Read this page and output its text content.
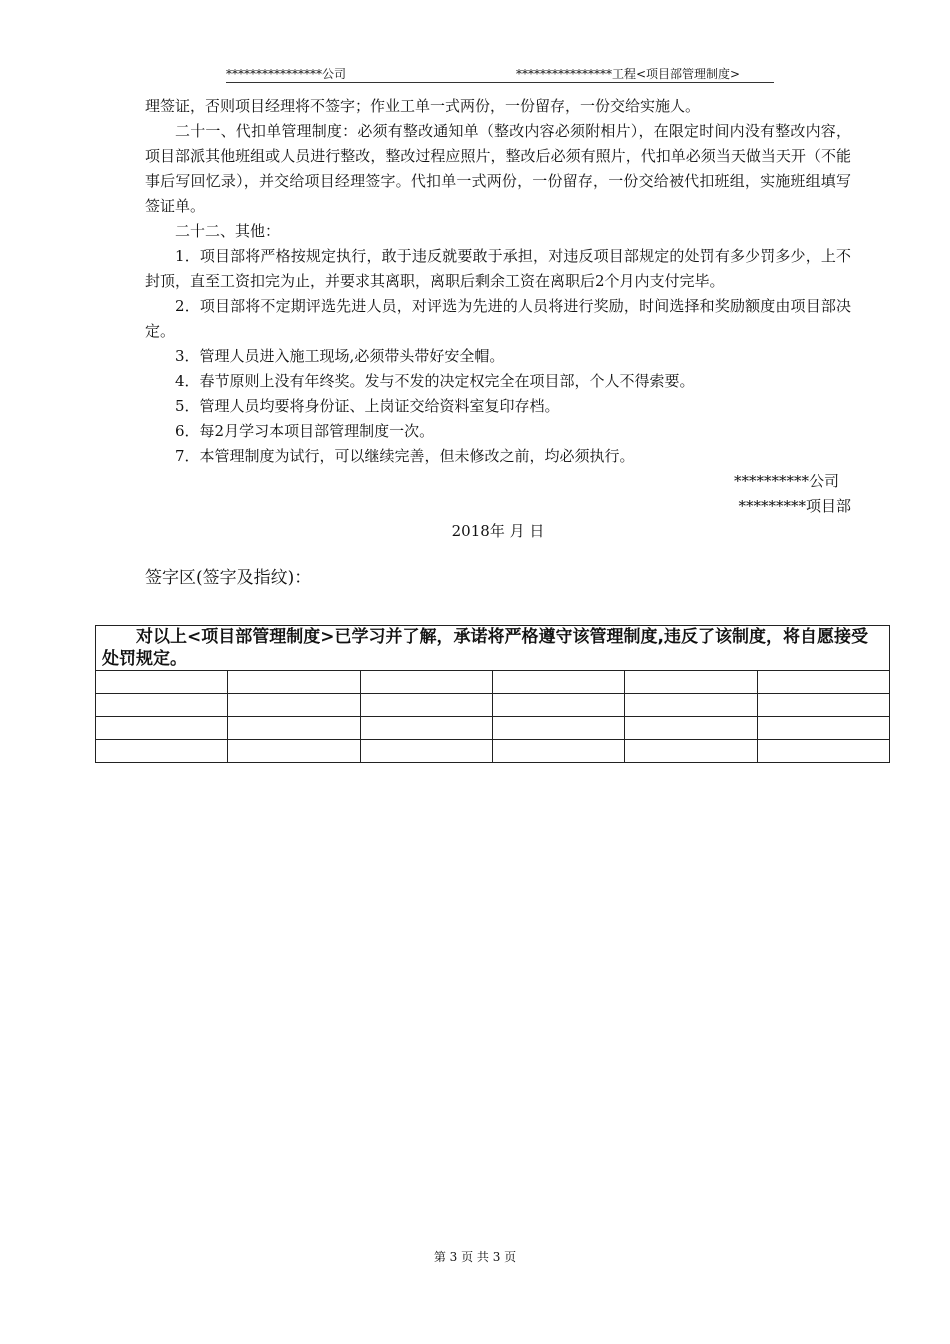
****************公司	****************工程<项目部管理制度>

理签证，否则项目经理将不签字；作业工单一式两份，一份留存，一份交给实施人。

二十一、代扣单管理制度：必须有整改通知单（整改内容必须附相片），在限定时间内没有整改内容，项目部派其他班组或人员进行整改，整改过程应照片，整改后必须有照片，代扣单必须当天做当天开（不能事后写回忆录），并交给项目经理签字。代扣单一式两份，一份留存，一份交给被代扣班组，实施班组填写签证单。

二十二、其他：

1．项目部将严格按规定执行，敢于违反就要敢于承担，对违反项目部规定的处罚有多少罚多少，上不封顶，直至工资扣完为止，并要求其离职，离职后剩余工资在离职后2个月内支付完毕。

2．项目部将不定期评选先进人员，对评选为先进的人员将进行奖励，时间选择和奖励额度由项目部决定。

3．管理人员进入施工现场,必须带头带好安全帽。

4．春节原则上没有年终奖。发与不发的决定权完全在项目部，个人不得索要。

5．管理人员均要将身份证、上岗证交给资料室复印存档。

6．每2月学习本项目部管理制度一次。

7．本管理制度为试行，可以继续完善，但未修改之前，均必须执行。

**********公司

*********项目部

2018年 月 日

签字区(签字及指纹)：
　　对以上<项目部管理制度>已学习并了解，承诺将严格遵守该管理制度,违反了该制度，将自愿接受处罚规定。					

第 3 页 共 3 页
